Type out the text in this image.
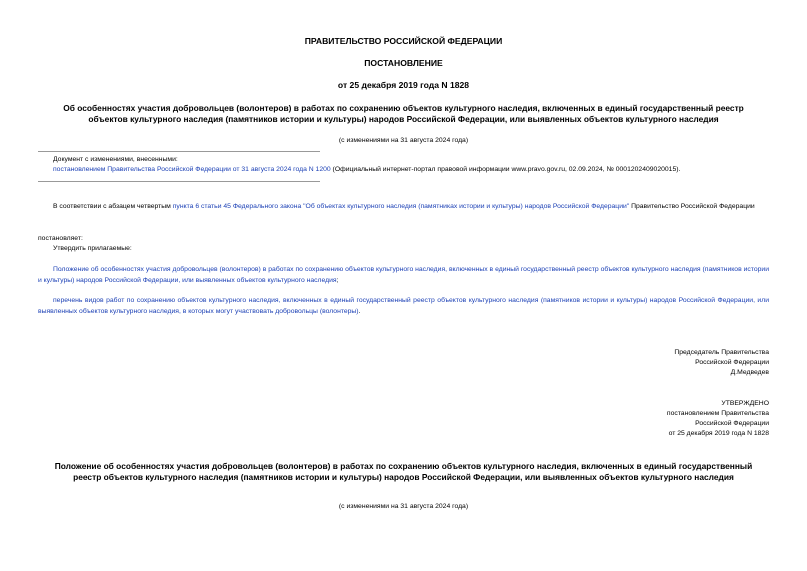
ПРАВИТЕЛЬСТВО РОССИЙСКОЙ ФЕДЕРАЦИИ

ПОСТАНОВЛЕНИЕ

от 25 декабря 2019 года N 1828

Об особенностях участия добровольцев (волонтеров) в работах по сохранению объектов культурного наследия, включенных в единый государственный реестр объектов культурного наследия (памятников истории и культуры) народов Российской Федерации, или выявленных объектов культурного наследия

(с изменениями на 31 августа 2024 года)

Документ с изменениями, внесенными:

постановлением Правительства Российской Федерации от 31 августа 2024 года N 1200 (Официальный интернет-портал правовой информации www.pravo.gov.ru, 02.09.2024, № 0001202409020015).

В соответствии с абзацем четвертым пункта 6 статьи 45 Федерального закона "Об объектах культурного наследия (памятниках истории и культуры) народов Российской Федерации" Правительство Российской Федерации

постановляет:

Утвердить прилагаемые:

Положение об особенностях участия добровольцев (волонтеров) в работах по сохранению объектов культурного наследия, включенных в единый государственный реестр объектов культурного наследия (памятников истории и культуры) народов Российской Федерации, или выявленных объектов культурного наследия;

перечень видов работ по сохранению объектов культурного наследия, включенных в единый государственный реестр объектов культурного наследия (памятников истории и культуры) народов Российской Федерации, или выявленных объектов культурного наследия, в которых могут участвовать добровольцы (волонтеры).

Председатель Правительства

Российской Федерации

Д.Медведев

УТВЕРЖДЕНО

постановлением Правительства

Российской Федерации

от 25 декабря 2019 года N 1828

Положение об особенностях участия добровольцев (волонтеров) в работах по сохранению объектов культурного наследия, включенных в единый государственный реестр объектов культурного наследия (памятников истории и культуры) народов Российской Федерации, или выявленных объектов культурного наследия

(с изменениями на 31 августа 2024 года)
